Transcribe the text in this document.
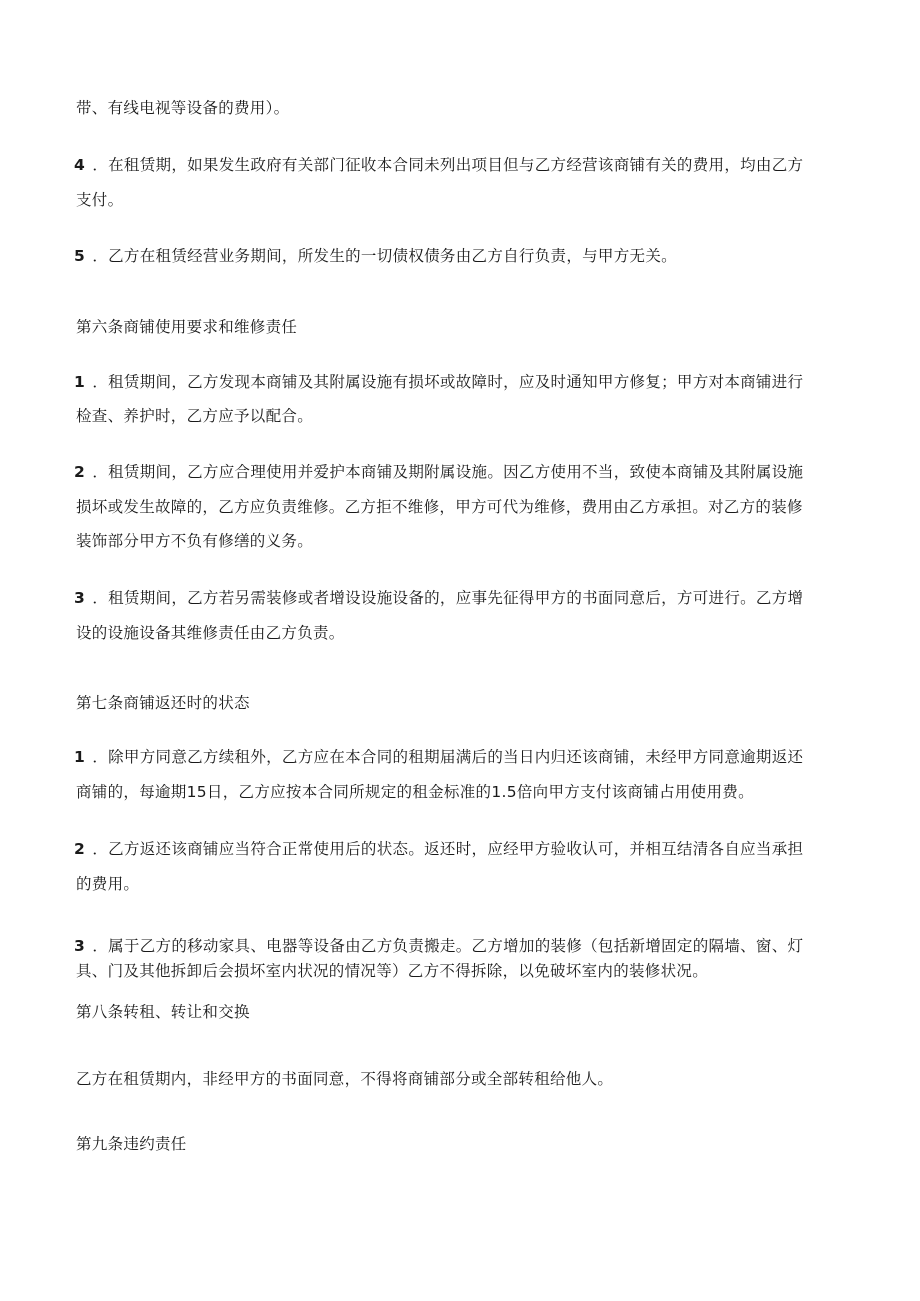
带、有线电视等设备的费用）。
4 ．在租赁期，如果发生政府有关部门征收本合同未列出项目但与乙方经营该商铺有关的费用，均由乙方
支付。
5 ．乙方在租赁经营业务期间，所发生的一切债权债务由乙方自行负责，与甲方无关。
第六条商铺使用要求和维修责任
1 ．租赁期间，乙方发现本商铺及其附属设施有损坏或故障时，应及时通知甲方修复；甲方对本商铺进行
检查、养护时，乙方应予以配合。
2 ．租赁期间，乙方应合理使用并爱护本商铺及期附属设施。因乙方使用不当，致使本商铺及其附属设施
损坏或发生故障的，乙方应负责维修。乙方拒不维修，甲方可代为维修，费用由乙方承担。对乙方的装修
装饰部分甲方不负有修缮的义务。
3 ．租赁期间，乙方若另需装修或者增设设施设备的，应事先征得甲方的书面同意后，方可进行。乙方增
设的设施设备其维修责任由乙方负责。
第七条商铺返还时的状态
1 ．除甲方同意乙方续租外，乙方应在本合同的租期届满后的当日内归还该商铺，未经甲方同意逾期返还
商铺的，每逾期15日，乙方应按本合同所规定的租金标准的1.5倍向甲方支付该商铺占用使用费。
2 ．乙方返还该商铺应当符合正常使用后的状态。返还时，应经甲方验收认可，并相互结清各自应当承担
的费用。
3 ．属于乙方的移动家具、电器等设备由乙方负责搬走。乙方增加的装修（包括新增固定的隔墙、窗、灯
具、门及其他拆卸后会损坏室内状况的情况等）乙方不得拆除，以免破坏室内的装修状况。
第八条转租、转让和交换
乙方在租赁期内，非经甲方的书面同意，不得将商铺部分或全部转租给他人。
第九条违约责任
